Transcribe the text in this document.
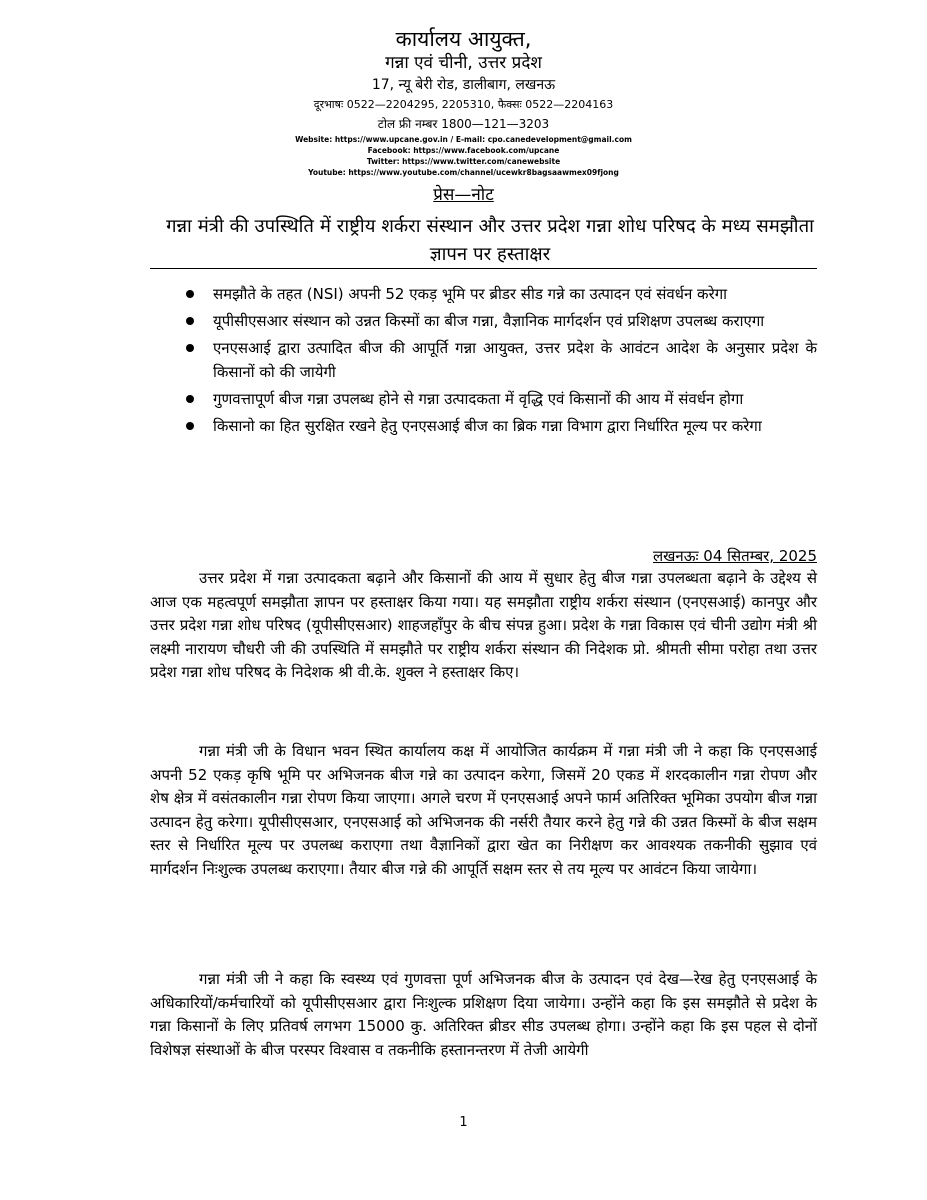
कार्यालय आयुक्त,
गन्ना एवं चीनी, उत्तर प्रदेश
17, न्यू बेरी रोड, डालीबाग, लखनऊ
दूरभाषः 0522—2204295, 2205310, फैक्सः 0522—2204163
टोल फ्री नम्बर 1800—121—3203
Website: https://www.upcane.gov.in / E-mail: cpo.canedevelopment@gmail.com
Facebook: https://www.facebook.com/upcane
Twitter: https://www.twitter.com/canewebsite
Youtube: https://www.youtube.com/channel/ucewkr8bagsaawmex09fjong
प्रेस—नोट
गन्ना मंत्री की उपस्थिति में राष्ट्रीय शर्करा संस्थान और उत्तर प्रदेश गन्ना शोध परिषद के मध्य समझौता ज्ञापन पर हस्ताक्षर
समझौते के तहत (NSI) अपनी 52 एकड़ भूमि पर ब्रीडर सीड गन्ने का उत्पादन एवं संवर्धन करेगा
यूपीसीएसआर संस्थान को उन्नत किस्मों का बीज गन्ना, वैज्ञानिक मार्गदर्शन एवं प्रशिक्षण उपलब्ध कराएगा
एनएसआई द्वारा उत्पादित बीज की आपूर्ति गन्ना आयुक्त, उत्तर प्रदेश के आवंटन आदेश के अनुसार प्रदेश के किसानों को की जायेगी
गुणवत्तापूर्ण बीज गन्ना उपलब्ध होने से गन्ना उत्पादकता में वृद्धि एवं किसानों की आय में संवर्धन होगा
किसानो का हित सुरक्षित रखने हेतु एनएसआई बीज का ब्रिक गन्ना विभाग द्वारा निर्धारित मूल्य पर करेगा
लखनऊः 04 सितम्बर, 2025

उत्तर प्रदेश में गन्ना उत्पादकता बढ़ाने और किसानों की आय में सुधार हेतु बीज गन्ना उपलब्धता बढ़ाने के उद्देश्य से आज एक महत्वपूर्ण समझौता ज्ञापन पर हस्ताक्षर किया गया। यह समझौता राष्ट्रीय शर्करा संस्थान (एनएसआई) कानपुर और उत्तर प्रदेश गन्ना शोध परिषद (यूपीसीएसआर) शाहजहाँपुर के बीच संपन्न हुआ। प्रदेश के गन्ना विकास एवं चीनी उद्योग मंत्री श्री लक्ष्मी नारायण चौधरी जी की उपस्थिति में समझौते पर राष्ट्रीय शर्करा संस्थान की निदेशक प्रो. श्रीमती सीमा परोहा तथा उत्तर प्रदेश गन्ना शोध परिषद के निदेशक श्री वी.के. शुक्ल ने हस्ताक्षर किए।

गन्ना मंत्री जी के विधान भवन स्थित कार्यालय कक्ष में आयोजित कार्यक्रम में गन्ना मंत्री जी ने कहा कि एनएसआई अपनी 52 एकड़ कृषि भूमि पर अभिजनक बीज गन्ने का उत्पादन करेगा, जिसमें 20 एकड में शरदकालीन गन्ना रोपण और शेष क्षेत्र में वसंतकालीन गन्ना रोपण किया जाएगा। अगले चरण में एनएसआई अपने फार्म अतिरिक्त भूमिका उपयोग बीज गन्ना उत्पादन हेतु करेगा। यूपीसीएसआर, एनएसआई को अभिजनक की नर्सरी तैयार करने हेतु गन्ने की उन्नत किस्मों के बीज सक्षम स्तर से निर्धारित मूल्य पर उपलब्ध कराएगा तथा वैज्ञानिकों द्वारा खेत का निरीक्षण कर आवश्यक तकनीकी सुझाव एवं मार्गदर्शन निःशुल्क उपलब्ध कराएगा। तैयार बीज गन्ने की आपूर्ति सक्षम स्तर से तय मूल्य पर आवंटन किया जायेगा।

गन्ना मंत्री जी ने कहा कि स्वस्थ्य एवं गुणवत्ता पूर्ण अभिजनक बीज के उत्पादन एवं देख—रेख हेतु एनएसआई के अधिकारियों/कर्मचारियों को यूपीसीएसआर द्वारा निःशुल्क प्रशिक्षण दिया जायेगा। उन्होंने कहा कि इस समझौते से प्रदेश के गन्ना किसानों के लिए प्रतिवर्ष लगभग 15000 कु. अतिरिक्त ब्रीडर सीड उपलब्ध होगा। उन्होंने कहा कि इस पहल से दोनों विशेषज्ञ संस्थाओं के बीज परस्पर विश्वास व तकनीकि हस्तानन्तरण में तेजी आयेगी

1
